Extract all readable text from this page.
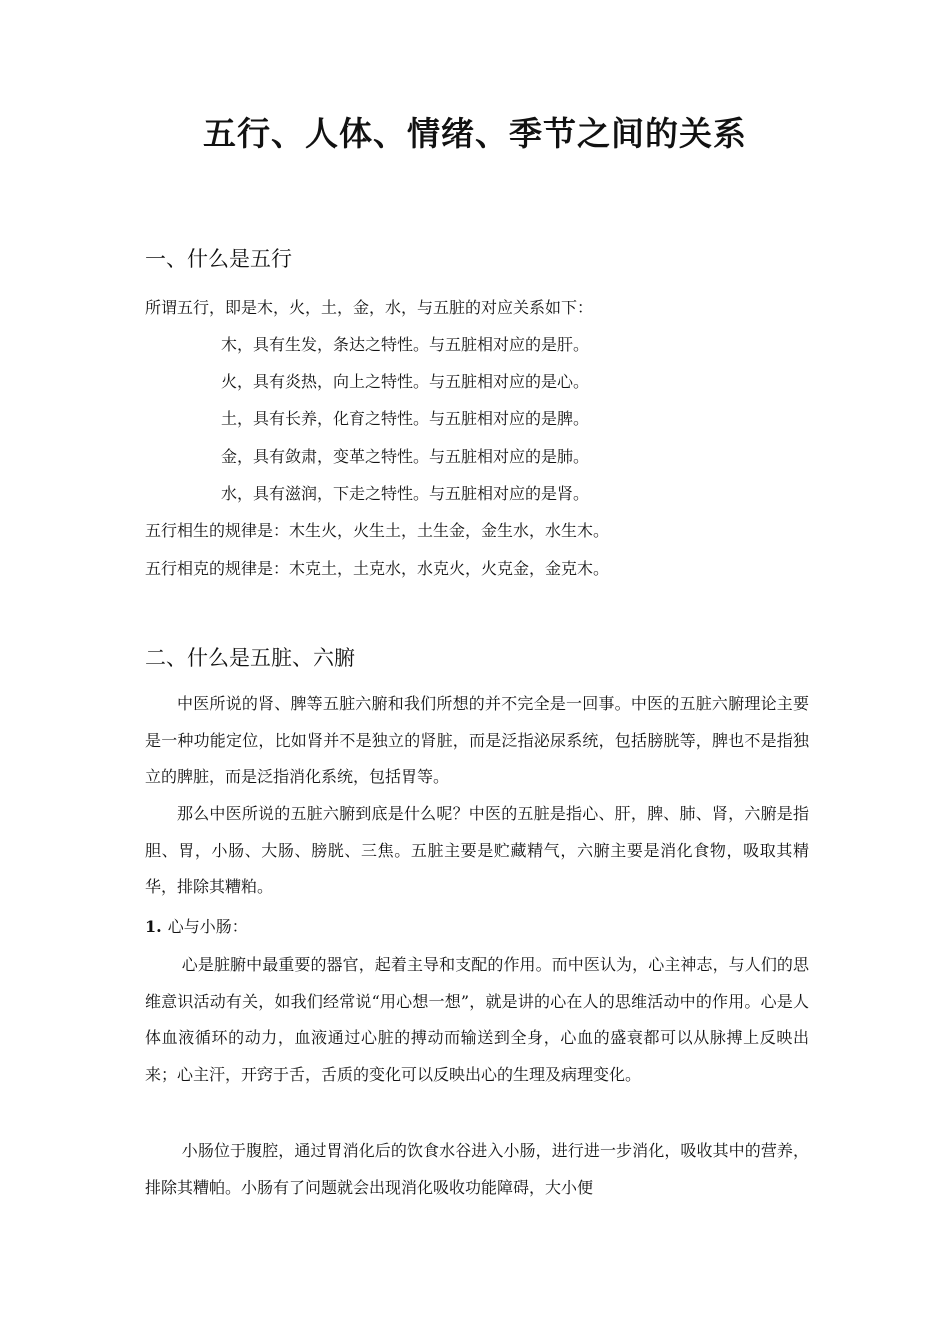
五行、人体、情绪、季节之间的关系
一、什么是五行
所谓五行，即是木，火，土，金，水，与五脏的对应关系如下：
木，具有生发，条达之特性。与五脏相对应的是肝。
火，具有炎热，向上之特性。与五脏相对应的是心。
土，具有长养，化育之特性。与五脏相对应的是脾。
金，具有敛肃，变革之特性。与五脏相对应的是肺。
水，具有滋润，下走之特性。与五脏相对应的是肾。
五行相生的规律是：木生火，火生土，土生金，金生水，水生木。
五行相克的规律是：木克土，土克水，水克火，火克金，金克木。
二、什么是五脏、六腑

中医所说的肾、脾等五脏六腑和我们所想的并不完全是一回事。中医的五脏六腑理论主要是一种功能定位，比如肾并不是独立的肾脏，而是泛指泌尿系统，包括膀胱等，脾也不是指独立的脾脏，而是泛指消化系统，包括胃等。

那么中医所说的五脏六腑到底是什么呢？中医的五脏是指心、肝，脾、肺、肾，六腑是指胆、胃，小肠、大肠、膀胱、三焦。五脏主要是贮藏精气，六腑主要是消化食物，吸取其精华，排除其糟粕。

1. 心与小肠：

心是脏腑中最重要的器官，起着主导和支配的作用。而中医认为，心主神志，与人们的思维意识活动有关，如我们经常说“用心想一想”，就是讲的心在人的思维活动中的作用。心是人体血液循环的动力，血液通过心脏的搏动而输送到全身，心血的盛衰都可以从脉搏上反映出来；心主汗，开窍于舌，舌质的变化可以反映出心的生理及病理变化。

小肠位于腹腔，通过胃消化后的饮食水谷进入小肠，进行进一步消化，吸收其中的营养，排除其糟帕。小肠有了问题就会出现消化吸收功能障碍，大小便
